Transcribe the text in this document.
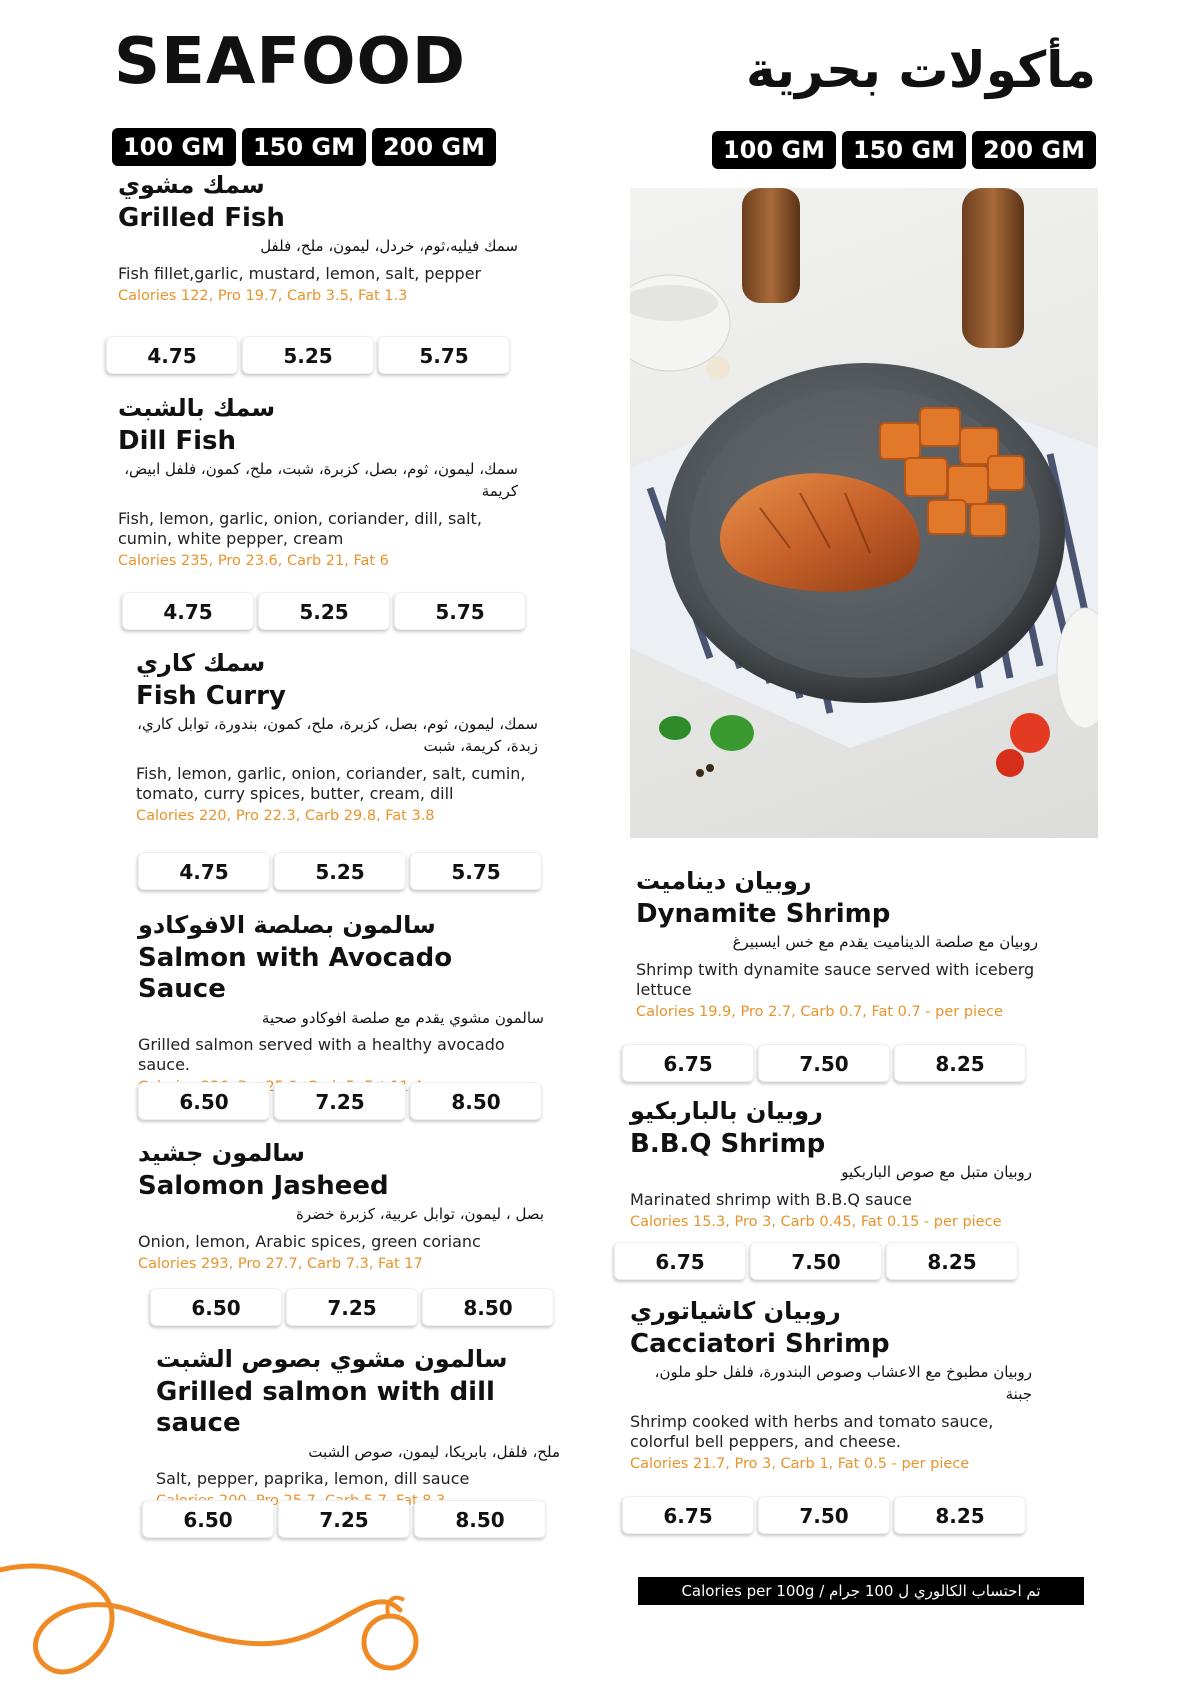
SEAFOOD	مأكولات بحرية
100 GM	150 GM	200 GM	100 GM	150 GM	200 GM
سمك مشوي
Grilled Fish
سمك فيليه،ثوم، خردل، ليمون، ملح، فلفل
Fish fillet,garlic, mustard, lemon, salt, pepper
Calories 122, Pro 19.7, Carb 3.5, Fat 1.3
4.75	5.25	5.75
سمك بالشبت
Dill Fish
سمك، ليمون، ثوم، بصل، كزبرة، شبت، ملح، كمون، فلفل ابيض، كريمة
Fish, lemon, garlic, onion, coriander, dill, salt, cumin, white pepper, cream
Calories 235, Pro 23.6, Carb 21, Fat 6
4.75	5.25	5.75
سمك كاري
Fish Curry
سمك، ليمون، ثوم، بصل، كزبرة، ملح، كمون، بندورة، توابل كاري، زبدة، كريمة، شبت
Fish, lemon, garlic, onion, coriander, salt, cumin, tomato, curry spices, butter, cream, dill
Calories 220, Pro 22.3, Carb 29.8, Fat 3.8
4.75	5.25	5.75
سالمون بصلصة الافوكادو
Salmon with Avocado Sauce
سالمون مشوي يقدم مع صلصة افوكادو صحية
Grilled salmon served with a healthy avocado sauce.
11.4
6.50	7.25	8.50
سالمون جشيد
Salomon Jasheed
بصل ، ليمون، توابل عربية، كزبرة خضرة
Onion, lemon, Arabic spices, green corianc
Calories 293, Pro 27.7, Carb 7.3, Fat 17
6.50	7.25	8.50
سالمون مشوي بصوص الشبت
Grilled salmon with dill sauce
ملح، فلفل، بابريكا، ليمون، صوص الشبت
Salt, pepper, paprika, lemon, dill sauce
6.50	7.25	8.50
روبيان ديناميت
Dynamite Shrimp
روبيان مع صلصة الديناميت يقدم مع خس ايسبيرغ
Shrimp twith dynamite sauce served with iceberg lettuce
Calories 19.9, Pro 2.7, Carb 0.7, Fat 0.7 - per piece
6.75	7.50	8.25
روبيان بالباربكيو
B.B.Q Shrimp
روبيان متبل مع صوص الباربكيو
Marinated shrimp with B.B.Q sauce
Calories 15.3, Pro 3, Carb 0.45, Fat 0.15 - per piece
6.75	7.50	8.25
روبيان كاشياتوري
Cacciatori Shrimp
روبيان مطبوخ مع الاعشاب وصوص البندورة، فلفل حلو ملون، جبنة
Shrimp cooked with herbs and tomato sauce, colorful bell peppers, and cheese.
Calories 21.7, Pro 3, Carb 1, Fat 0.5 - per piece
6.75	7.50	8.25
Calories per 100g / تم احتساب الكالوري ل 100 جرام
